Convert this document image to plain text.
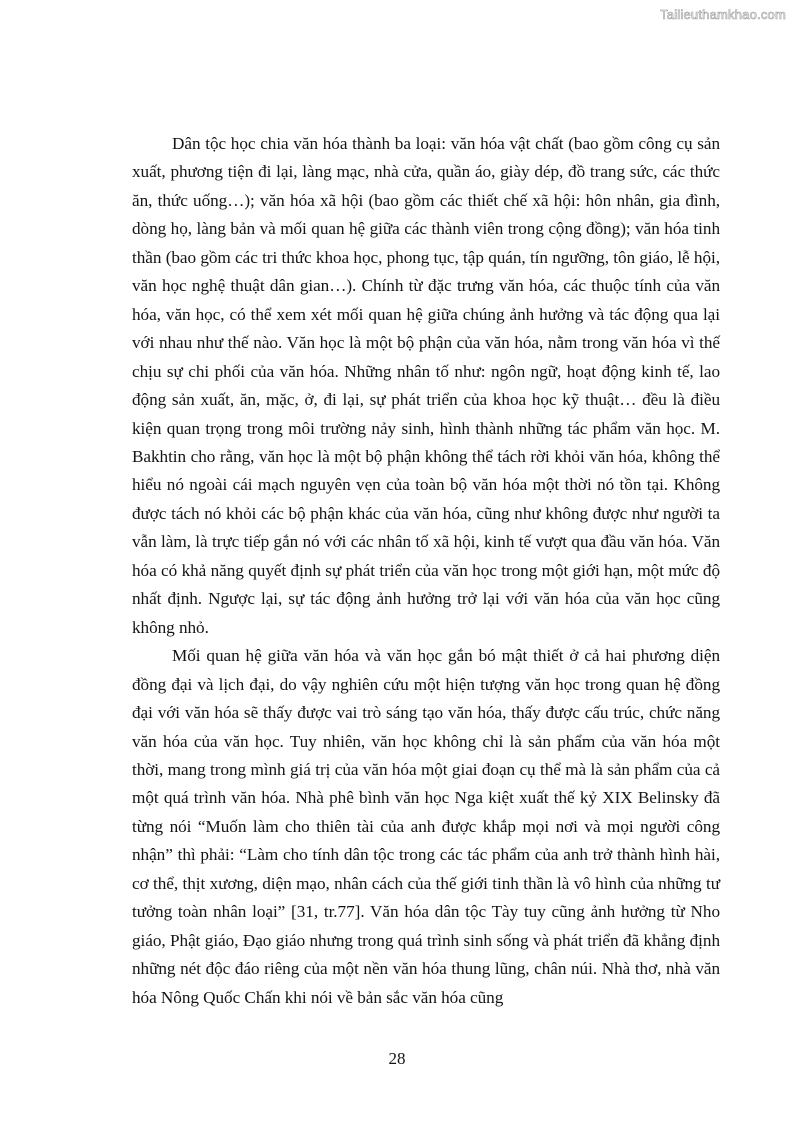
Tailieuthamkhao.com

Dân tộc học chia văn hóa thành ba loại: văn hóa vật chất (bao gồm công cụ sản xuất, phương tiện đi lại, làng mạc, nhà cửa, quần áo, giày dép, đồ trang sức, các thức ăn, thức uống…); văn hóa xã hội (bao gồm các thiết chế xã hội: hôn nhân, gia đình, dòng họ, làng bản và mối quan hệ giữa các thành viên trong cộng đồng); văn hóa tinh thần (bao gồm các tri thức khoa học, phong tục, tập quán, tín ngưỡng, tôn giáo, lễ hội, văn học nghệ thuật dân gian…). Chính từ đặc trưng văn hóa, các thuộc tính của văn hóa, văn học, có thể xem xét mối quan hệ giữa chúng ảnh hưởng và tác động qua lại với nhau như thế nào. Văn học là một bộ phận của văn hóa, nằm trong văn hóa vì thế chịu sự chi phối của văn hóa. Những nhân tố như: ngôn ngữ, hoạt động kinh tế, lao động sản xuất, ăn, mặc, ở, đi lại, sự phát triển của khoa học kỹ thuật… đều là điều kiện quan trọng trong môi trường nảy sinh, hình thành những tác phẩm văn học. M. Bakhtin cho rằng, văn học là một bộ phận không thể tách rời khỏi văn hóa, không thể hiểu nó ngoài cái mạch nguyên vẹn của toàn bộ văn hóa một thời nó tồn tại. Không được tách nó khỏi các bộ phận khác của văn hóa, cũng như không được như người ta vẫn làm, là trực tiếp gắn nó với các nhân tố xã hội, kinh tế vượt qua đầu văn hóa. Văn hóa có khả năng quyết định sự phát triển của văn học trong một giới hạn, một mức độ nhất định. Ngược lại, sự tác động ảnh hưởng trở lại với văn hóa của văn học cũng không nhỏ.

Mối quan hệ giữa văn hóa và văn học gắn bó mật thiết ở cả hai phương diện đồng đại và lịch đại, do vậy nghiên cứu một hiện tượng văn học trong quan hệ đồng đại với văn hóa sẽ thấy được vai trò sáng tạo văn hóa, thấy được cấu trúc, chức năng văn hóa của văn học. Tuy nhiên, văn học không chỉ là sản phẩm của văn hóa một thời, mang trong mình giá trị của văn hóa một giai đoạn cụ thể mà là sản phẩm của cả một quá trình văn hóa. Nhà phê bình văn học Nga kiệt xuất thế kỷ XIX Belinsky đã từng nói “Muốn làm cho thiên tài của anh được khắp mọi nơi và mọi người công nhận” thì phải: “Làm cho tính dân tộc trong các tác phẩm của anh trở thành hình hài, cơ thể, thịt xương, diện mạo, nhân cách của thế giới tinh thần là vô hình của những tư tưởng toàn nhân loại” [31, tr.77]. Văn hóa dân tộc Tày tuy cũng ảnh hưởng từ Nho giáo, Phật giáo, Đạo giáo nhưng trong quá trình sinh sống và phát triển đã khẳng định những nét độc đáo riêng của một nền văn hóa thung lũng, chân núi. Nhà thơ, nhà văn hóa Nông Quốc Chấn khi nói về bản sắc văn hóa cũng

28
